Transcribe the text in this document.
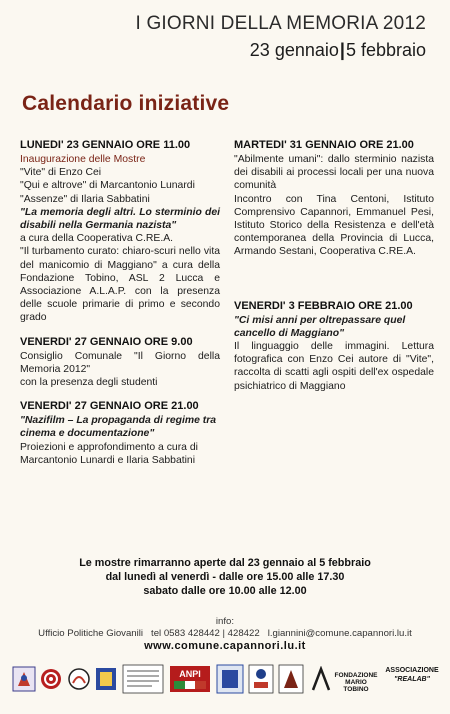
I GIORNI DELLA MEMORIA 2012
23 gennaio|5 febbraio
Calendario iniziative
LUNEDI' 23 GENNAIO ORE 11.00

Inaugurazione delle Mostre

"Vite" di Enzo Cei

"Qui e altrove" di Marcantonio Lunardi

"Assenze" di Ilaria Sabbatini

"La memoria degli altri. Lo sterminio dei disabili nella Germania nazista"

a cura della Cooperativa C.RE.A.

"Il turbamento curato: chiaro-scuri nello vita del manicomio di Maggiano" a cura della Fondazione Tobino, ASL 2 Lucca e Associazione A.L.A.P. con la presenza delle scuole primarie di primo e secondo grado

VENERDI' 27 GENNAIO ORE 9.00

Consiglio Comunale "Il Giorno della Memoria 2012"

con la presenza degli studenti

VENERDI' 27 GENNAIO ORE 21.00

"Nazifilm – La propaganda di regime tra cinema e documentazione"

Proiezioni e approfondimento a cura di Marcantonio Lunardi e Ilaria Sabbatini

MARTEDI' 31 GENNAIO ORE 21.00

"Abilmente umani": dallo sterminio nazista dei disabili ai processi locali per una nuova comunità

Incontro con Tina Centoni, Istituto Comprensivo Capannori, Emmanuel Pesi, Istituto Storico della Resistenza e dell'età contemporanea della Provincia di Lucca, Armando Sestani, Cooperativa C.RE.A.

VENERDI' 3 FEBBRAIO ORE 21.00

"Ci misi anni per oltrepassare quel cancello di Maggiano"

Il linguaggio delle immagini. Lettura fotografica con Enzo Cei autore di "Vite", raccolta di scatti agli ospiti dell'ex ospedale psichiatrico di Maggiano

Le mostre rimarranno aperte dal 23 gennaio al 5 febbraio
dal lunedì al venerdì - dalle ore 15.00 alle 17.30
sabato dalle ore 10.00 alle 12.00
info:
Ufficio Politiche Giovanili tel 0583 428442 | 428422 l.giannini@comune.capannori.lu.it
www.comune.capannori.lu.it
ANPI	FONDAZIONE
MARIO TOBINO
ASSOCIAZIONE
"REALAB"
